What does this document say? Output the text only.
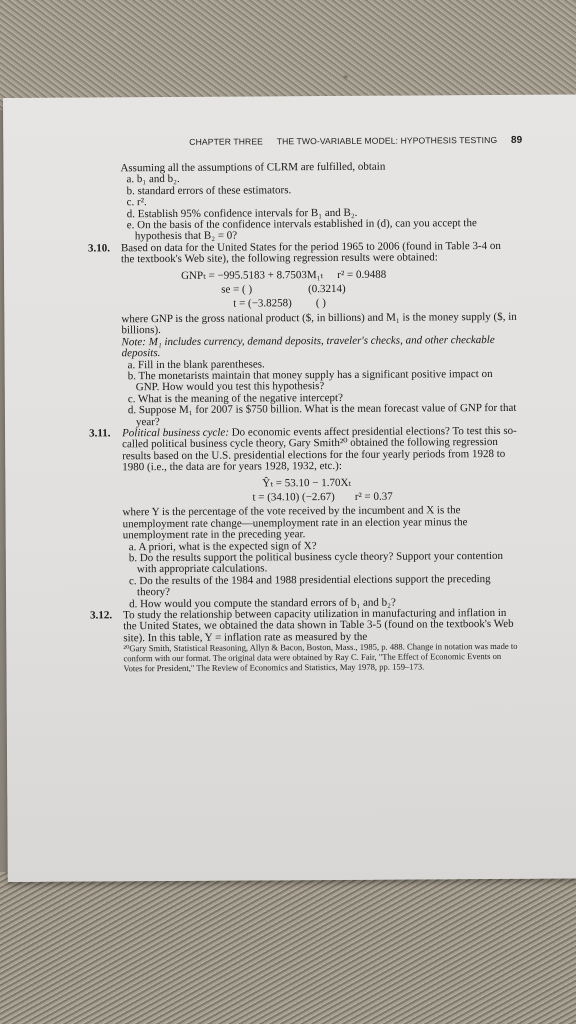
CHAPTER THREE THE TWO-VARIABLE MODEL: HYPOTHESIS TESTING 89

Assuming all the assumptions of CLRM are fulfilled, obtain

a. b₁ and b₂.

b. standard errors of these estimators.

c. r².

d. Establish 95% confidence intervals for B₁ and B₂.

e. On the basis of the confidence intervals established in (d), can you accept the hypothesis that B₂ = 0?

3.10. Based on data for the United States for the period 1965 to 2006 (found in Table 3-4 on the textbook's Web site), the following regression results were obtained:

GNPₜ = −995.5183 + 8.7503M₁ₜ r² = 0.9488
se = ( )	(0.3214)
t = (−3.8258) ( )

where GNP is the gross national product ($, in billions) and M₁ is the money supply ($, in billions).

Note: M₁ includes currency, demand deposits, traveler's checks, and other checkable deposits.

a. Fill in the blank parentheses.

b. The monetarists maintain that money supply has a significant positive impact on GNP. How would you test this hypothesis?

c. What is the meaning of the negative intercept?

d. Suppose M₁ for 2007 is $750 billion. What is the mean forecast value of GNP for that year?

3.11. Political business cycle: Do economic events affect presidential elections? To test this so-called political business cycle theory, Gary Smith²⁰ obtained the following regression results based on the U.S. presidential elections for the four yearly periods from 1928 to 1980 (i.e., the data are for years 1928, 1932, etc.):

Ŷₜ = 53.10 − 1.70Xₜ
t = (34.10) (−2.67) r² = 0.37

where Y is the percentage of the vote received by the incumbent and X is the unemployment rate change—unemployment rate in an election year minus the unemployment rate in the preceding year.

a. A priori, what is the expected sign of X?

b. Do the results support the political business cycle theory? Support your contention with appropriate calculations.

c. Do the results of the 1984 and 1988 presidential elections support the preceding theory?

d. How would you compute the standard errors of b₁ and b₂?

3.12. To study the relationship between capacity utilization in manufacturing and inflation in the United States, we obtained the data shown in Table 3-5 (found on the textbook's Web site). In this table, Y = inflation rate as measured by the

²⁰Gary Smith, Statistical Reasoning, Allyn & Bacon, Boston, Mass., 1985, p. 488. Change in notation was made to conform with our format. The original data were obtained by Ray C. Fair, "The Effect of Economic Events on Votes for President," The Review of Economics and Statistics, May 1978, pp. 159–173.
